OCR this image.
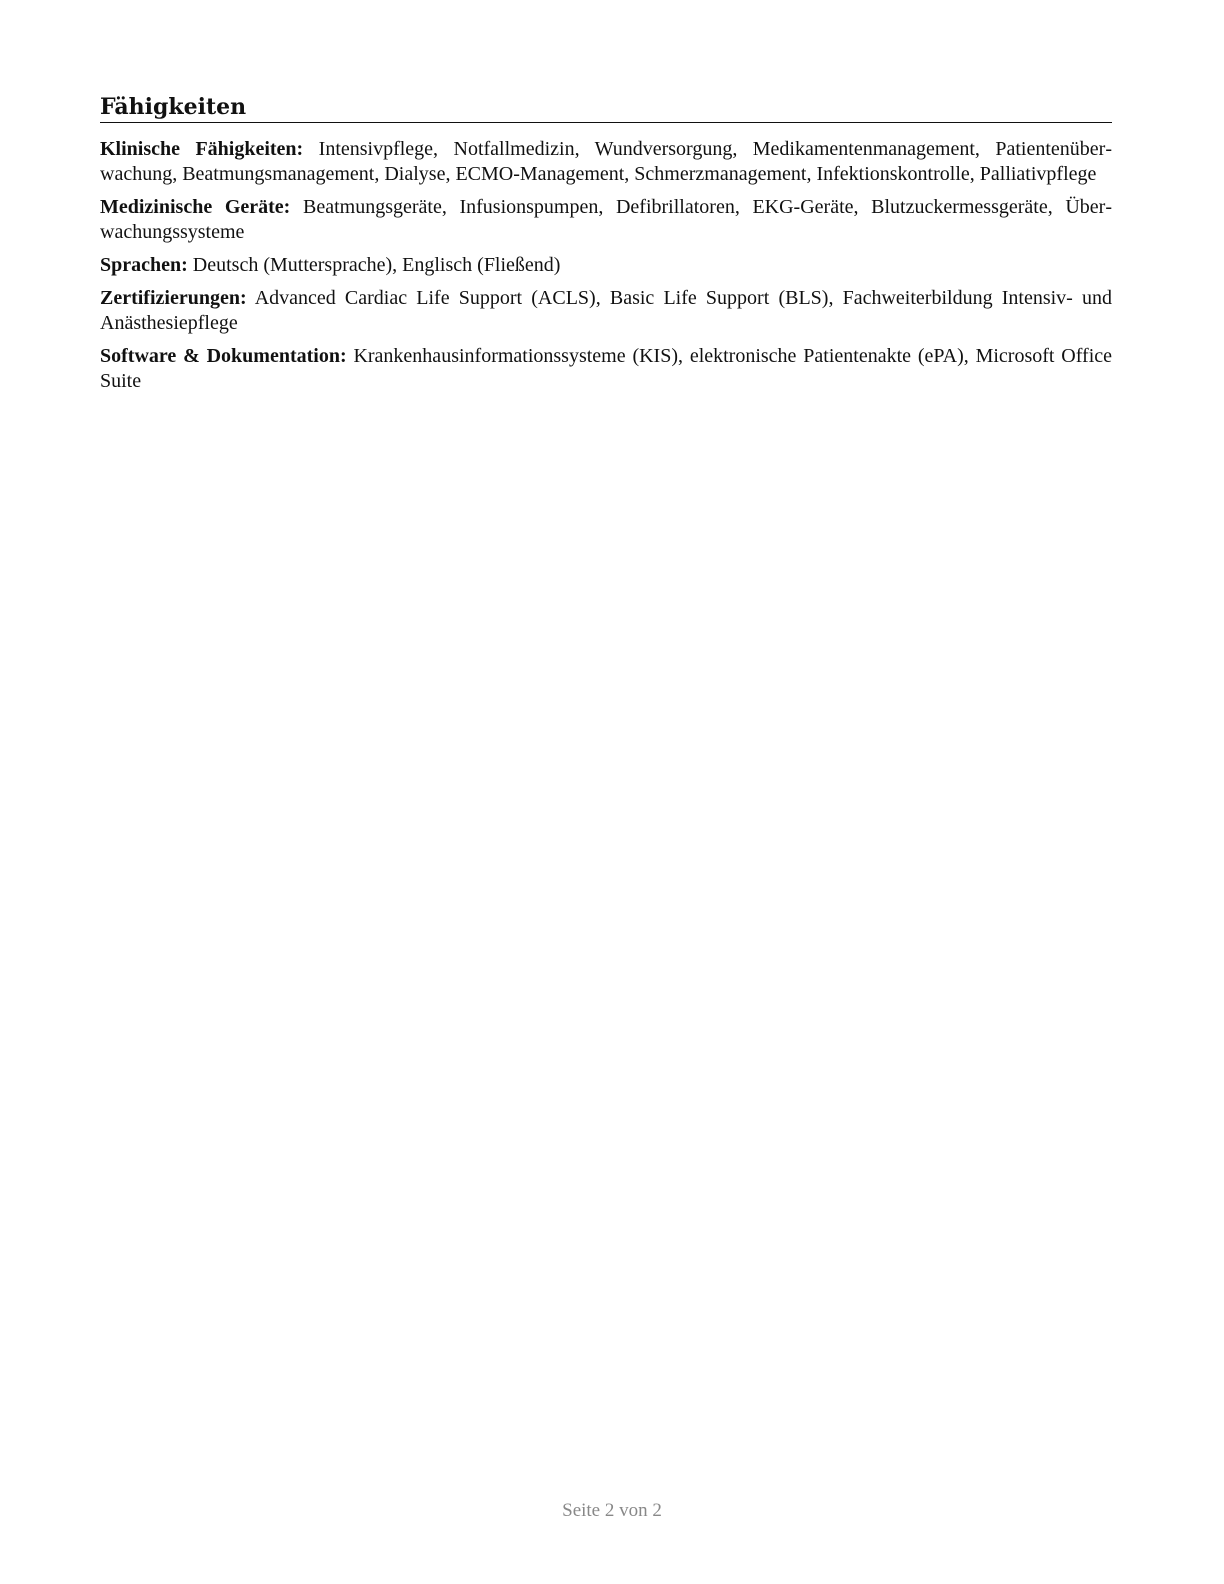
Fähigkeiten

Klinische Fähigkeiten: Intensivpflege, Notfallmedizin, Wundversorgung, Medikamentenmanagement, Patientenüberwachung, Beatmungsmanagement, Dialyse, ECMO-Management, Schmerzmanagement, Infektionskontrolle, Palliativpflege

Medizinische Geräte: Beatmungsgeräte, Infusionspumpen, Defibrillatoren, EKG-Geräte, Blutzuckermessgeräte, Überwachungssysteme

Sprachen: Deutsch (Muttersprache), Englisch (Fließend)

Zertifizierungen: Advanced Cardiac Life Support (ACLS), Basic Life Support (BLS), Fachweiterbildung Intensiv- und Anästhesiepflege

Software & Dokumentation: Krankenhausinformationssysteme (KIS), elektronische Patientenakte (ePA), Microsoft Office Suite

Seite 2 von 2
